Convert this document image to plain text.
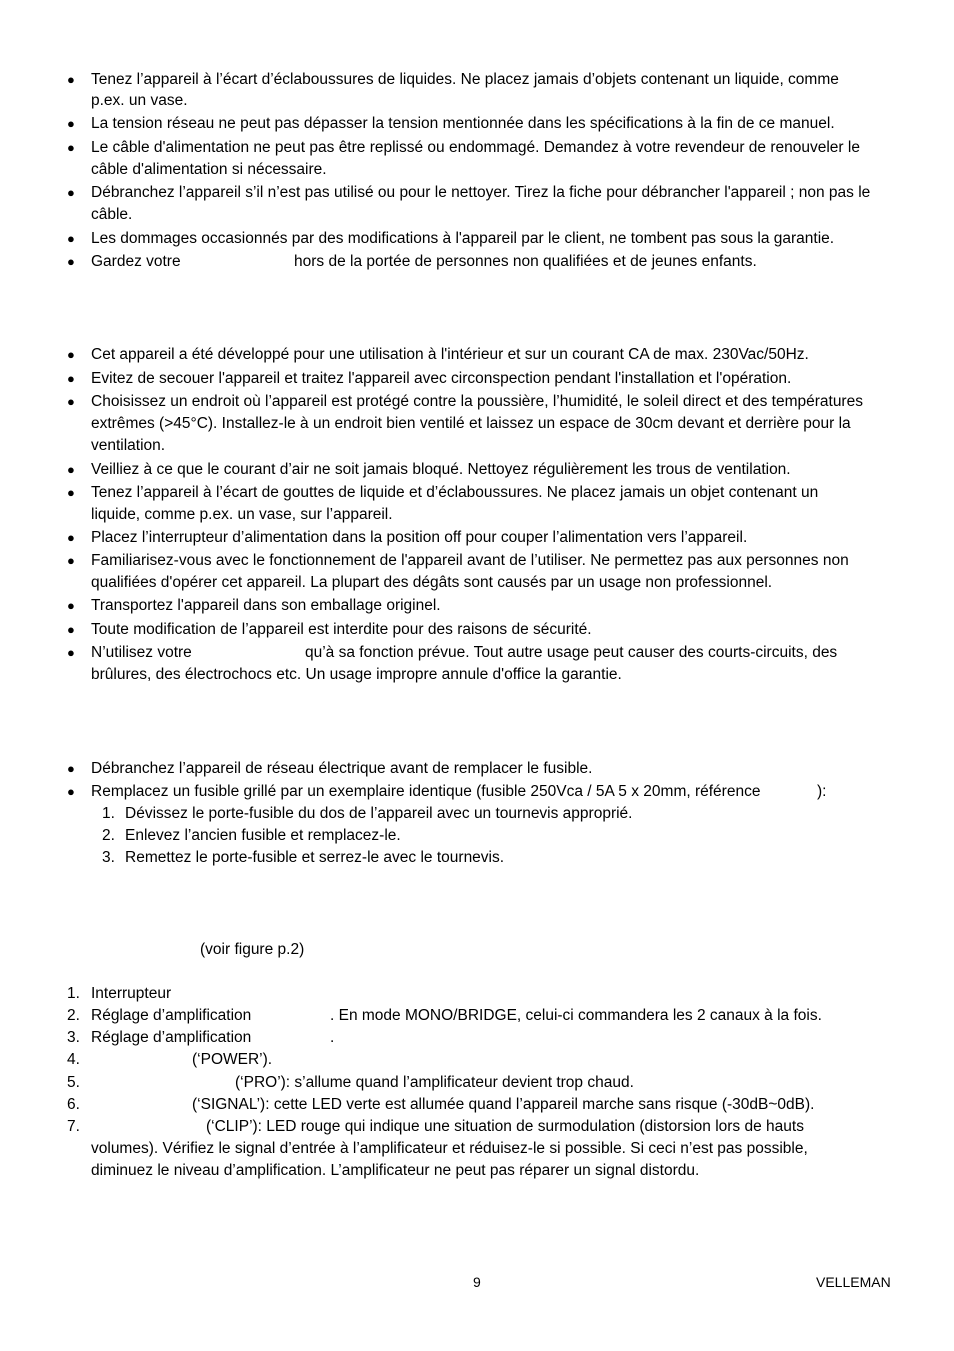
● Tenez l’appareil à l’écart d’éclaboussures de liquides. Ne placez jamais d’objets contenant un liquide, comme
p.ex. un vase.
● La tension réseau ne peut pas dépasser la tension mentionnée dans les spécifications à la fin de ce manuel.
● Le câble d'alimentation ne peut pas être replissé ou endommagé. Demandez à votre revendeur de renouveler le
câble d'alimentation si nécessaire.
● Débranchez l’appareil s’il n’est pas utilisé ou pour le nettoyer. Tirez la fiche pour débrancher l'appareil ; non pas le
câble.
● Les dommages occasionnés par des modifications à l'appareil par le client, ne tombent pas sous la garantie.
● Gardez votre	hors de la portée de personnes non qualifiées et de jeunes enfants.
● Cet appareil a été développé pour une utilisation à l'intérieur et sur un courant CA de max. 230Vac/50Hz.
● Evitez de secouer l'appareil et traitez l'appareil avec circonspection pendant l'installation et l'opération.
● Choisissez un endroit où l’appareil est protégé contre la poussière, l’humidité, le soleil direct et des températures
extrêmes (>45°C). Installez-le à un endroit bien ventilé et laissez un espace de 30cm devant et derrière pour la
ventilation.
● Veilliez à ce que le courant d’air ne soit jamais bloqué. Nettoyez régulièrement les trous de ventilation.
● Tenez l’appareil à l’écart de gouttes de liquide et d’éclaboussures. Ne placez jamais un objet contenant un
liquide, comme p.ex. un vase, sur l’appareil.
● Placez l’interrupteur d’alimentation dans la position off pour couper l’alimentation vers l’appareil.
● Familiarisez-vous avec le fonctionnement de l'appareil avant de l’utiliser. Ne permettez pas aux personnes non
qualifiées d'opérer cet appareil. La plupart des dégâts sont causés par un usage non professionnel.
● Transportez l'appareil dans son emballage originel.
● Toute modification de l’appareil est interdite pour des raisons de sécurité.
● N’utilisez votre	qu’à sa fonction prévue. Tout autre usage peut causer des courts-circuits, des
brûlures, des électrochocs etc. Un usage impropre annule d'office la garantie.
● Débranchez l’appareil de réseau électrique avant de remplacer le fusible.
● Remplacez un fusible grillé par un exemplaire identique (fusible 250Vca / 5A 5 x 20mm, référence	):
1. Dévissez le porte-fusible du dos de l’appareil avec un tournevis approprié.
2. Enlevez l’ancien fusible et remplacez-le.
3. Remettez le porte-fusible et serrez-le avec le tournevis.
(voir figure p.2)
1. Interrupteur
2. Réglage d’amplification	. En mode MONO/BRIDGE, celui-ci commandera les 2 canaux à la fois.
3. Réglage d’amplification	.
4.	(‘POWER’).
5.	(‘PRO’): s’allume quand l’amplificateur devient trop chaud.
6.	(‘SIGNAL’): cette LED verte est allumée quand l’appareil marche sans risque (-30dB~0dB).
7.	(‘CLIP’): LED rouge qui indique une situation de surmodulation (distorsion lors de hauts
volumes). Vérifiez le signal d’entrée à l’amplificateur et réduisez-le si possible. Si ceci n’est pas possible,
diminuez le niveau d’amplification. L’amplificateur ne peut pas réparer un signal distordu.
9	VELLEMAN
